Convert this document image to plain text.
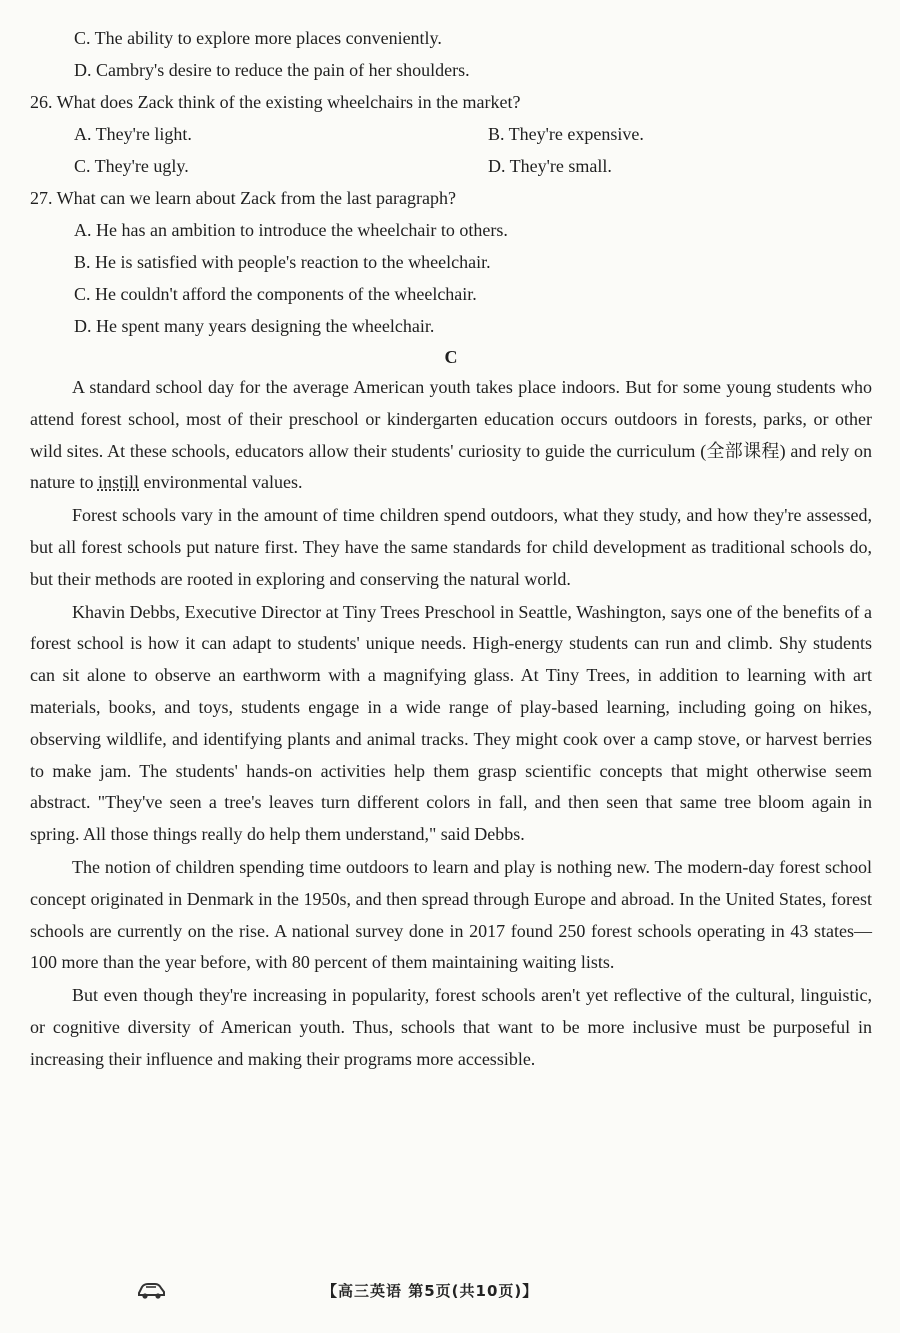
C. The ability to explore more places conveniently.
D. Cambry's desire to reduce the pain of her shoulders.
26. What does Zack think of the existing wheelchairs in the market?
A. They're light.	B. They're expensive.
C. They're ugly.	D. They're small.
27. What can we learn about Zack from the last paragraph?
A. He has an ambition to introduce the wheelchair to others.
B. He is satisfied with people's reaction to the wheelchair.
C. He couldn't afford the components of the wheelchair.
D. He spent many years designing the wheelchair.
C

A standard school day for the average American youth takes place indoors. But for some young students who attend forest school, most of their preschool or kindergarten education occurs outdoors in forests, parks, or other wild sites. At these schools, educators allow their students' curiosity to guide the curriculum (全部课程) and rely on nature to instill environmental values.

Forest schools vary in the amount of time children spend outdoors, what they study, and how they're assessed, but all forest schools put nature first. They have the same standards for child development as traditional schools do, but their methods are rooted in exploring and conserving the natural world.

Khavin Debbs, Executive Director at Tiny Trees Preschool in Seattle, Washington, says one of the benefits of a forest school is how it can adapt to students' unique needs. High-energy students can run and climb. Shy students can sit alone to observe an earthworm with a magnifying glass. At Tiny Trees, in addition to learning with art materials, books, and toys, students engage in a wide range of play-based learning, including going on hikes, observing wildlife, and identifying plants and animal tracks. They might cook over a camp stove, or harvest berries to make jam. The students' hands-on activities help them grasp scientific concepts that might otherwise seem abstract. "They've seen a tree's leaves turn different colors in fall, and then seen that same tree bloom again in spring. All those things really do help them understand," said Debbs.

The notion of children spending time outdoors to learn and play is nothing new. The modern-day forest school concept originated in Denmark in the 1950s, and then spread through Europe and abroad. In the United States, forest schools are currently on the rise. A national survey done in 2017 found 250 forest schools operating in 43 states—100 more than the year before, with 80 percent of them maintaining waiting lists.

But even though they're increasing in popularity, forest schools aren't yet reflective of the cultural, linguistic, or cognitive diversity of American youth. Thus, schools that want to be more inclusive must be purposeful in increasing their influence and making their programs more accessible.

【高三英语 第5页(共10页)】
